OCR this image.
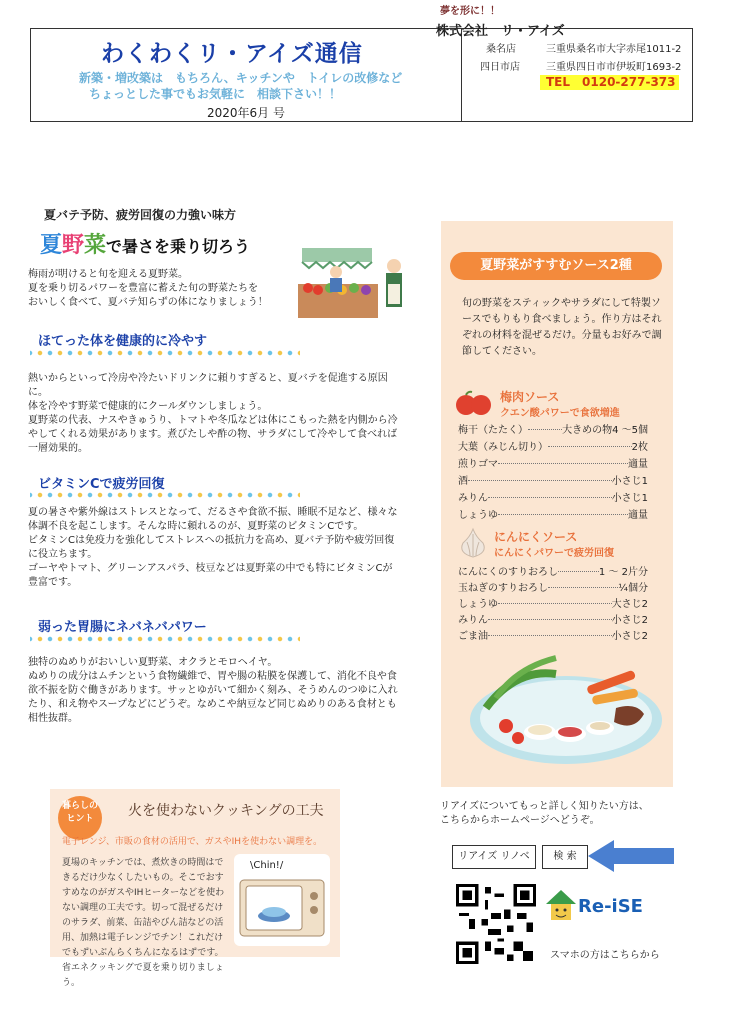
わくわくリ・アイズ通信
新築・増改築は　もちろん、キッチンや　トイレの改修など
ちょっとした事でもお気軽に　相談下さい！！
2020年6月 号
夢を形に！！
株式会社　リ・アイズ
桑名店	三重県桑名市大字赤尾1011-2
四日市店	三重県四日市市伊坂町1693-2
TEL　0120-277-373
夏バテ予防、疲労回復の力強い味方
夏野菜で暑さを乗り切ろう
梅雨が明けると旬を迎える夏野菜。
夏を乗り切るパワーを豊富に蓄えた旬の野菜たちを
おいしく食べて、夏バテ知らずの体になりましょう！
ほてった体を健康的に冷やす
熱いからといって冷房や冷たいドリンクに頼りすぎると、夏バテを促進する原因に。
体を冷やす野菜で健康的にクールダウンしましょう。
夏野菜の代表、ナスやきゅうり、トマトや冬瓜などは体にこもった熱を内側から冷やしてくれる効果があります。煮びたしや酢の物、サラダにして冷やして食べれば一層効果的。
ビタミンCで疲労回復
夏の暑さや紫外線はストレスとなって、だるさや食欲不振、睡眠不足など、様々な体調不良を起こします。そんな時に頼れるのが、夏野菜のビタミンCです。
ビタミンCは免疫力を強化してストレスへの抵抗力を高め、夏バテ予防や疲労回復に役立ちます。
ゴーヤやトマト、グリーンアスパラ、枝豆などは夏野菜の中でも特にビタミンCが豊富です。
弱った胃腸にネバネバパワー
独特のぬめりがおいしい夏野菜、オクラとモロヘイヤ。
ぬめりの成分はムチンという食物繊維で、胃や腸の粘膜を保護して、消化不良や食欲不振を防ぐ働きがあります。サッとゆがいて細かく刻み、そうめんのつゆに入れたり、和え物やスープなどにどうぞ。なめこや納豆など同じぬめりのある食材とも相性抜群。
夏野菜がすすむソース2種
旬の野菜をスティックやサラダにして特製ソースでもりもり食べましょう。作り方はそれぞれの材料を混ぜるだけ。分量もお好みで調節してください。
梅肉ソース
クエン酸パワーで食欲増進
梅干（たたく）	大きめの物4 ～5個
大葉（みじん切り）	2枚
煎りゴマ	適量
酒	小さじ1
みりん	小さじ1
しょうゆ	適量
にんにくソース
にんにくパワーで疲労回復
にんにくのすりおろし	1 ～ 2片分
玉ねぎのすりおろし	¼個分
しょうゆ	大さじ2
みりん	小さじ2
ごま油	小さじ2
暮らしの
ヒント	火を使わないクッキングの工夫
電子レンジ、市販の食材の活用で、ガスやIHを使わない調理を。
夏場のキッチンでは、煮炊きの時間はできるだけ少なくしたいもの。そこでおすすめなのがガスやIHヒーターなどを使わない調理の工夫です。切って混ぜるだけのサラダ、前菜、缶詰やびん詰などの活用、加熱は電子レンジでチン！これだけでもずいぶんらくちんになるはずです。省エネクッキングで夏を乗り切りましょう。
\Chin!/
リアイズについてもっと詳しく知りたい方は、
こちらからホームページへどうぞ。
リアイズ リノベ	検 索
Re-iSE
スマホの方はこちらから
